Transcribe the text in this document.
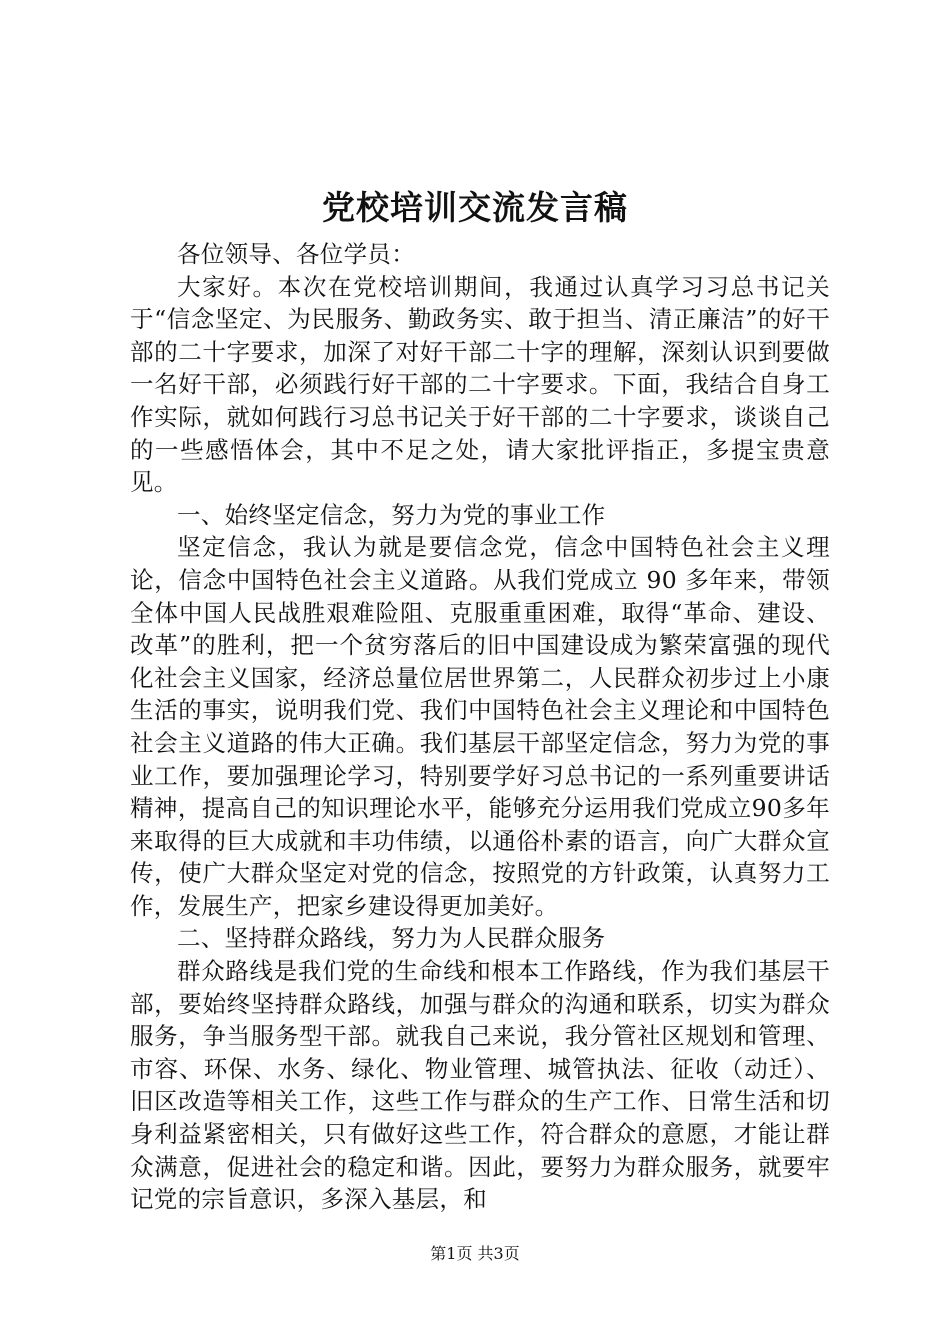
党校培训交流发言稿

各位领导、各位学员：

大家好。本次在党校培训期间，我通过认真学习习总书记关于“信念坚定、为民服务、勤政务实、敢于担当、清正廉洁”的好干部的二十字要求，加深了对好干部二十字的理解，深刻认识到要做一名好干部，必须践行好干部的二十字要求。下面，我结合自身工作实际，就如何践行习总书记关于好干部的二十字要求，谈谈自己的一些感悟体会，其中不足之处，请大家批评指正，多提宝贵意见。

一、始终坚定信念，努力为党的事业工作

坚定信念，我认为就是要信念党，信念中国特色社会主义理论，信念中国特色社会主义道路。从我们党成立 90 多年来，带领全体中国人民战胜艰难险阻、克服重重困难，取得“革命、建设、改革”的胜利，把一个贫穷落后的旧中国建设成为繁荣富强的现代化社会主义国家，经济总量位居世界第二，人民群众初步过上小康生活的事实，说明我们党、我们中国特色社会主义理论和中国特色社会主义道路的伟大正确。我们基层干部坚定信念，努力为党的事业工作，要加强理论学习，特别要学好习总书记的一系列重要讲话精神，提高自己的知识理论水平，能够充分运用我们党成立90多年来取得的巨大成就和丰功伟绩，以通俗朴素的语言，向广大群众宣传，使广大群众坚定对党的信念，按照党的方针政策，认真努力工作，发展生产，把家乡建设得更加美好。

二、坚持群众路线，努力为人民群众服务

群众路线是我们党的生命线和根本工作路线，作为我们基层干部，要始终坚持群众路线，加强与群众的沟通和联系，切实为群众服务，争当服务型干部。就我自己来说，我分管社区规划和管理、市容、环保、水务、绿化、物业管理、城管执法、征收（动迁）、旧区改造等相关工作，这些工作与群众的生产工作、日常生活和切身利益紧密相关，只有做好这些工作，符合群众的意愿，才能让群众满意，促进社会的稳定和谐。因此，要努力为群众服务，就要牢记党的宗旨意识，多深入基层，和

第1页 共3页
